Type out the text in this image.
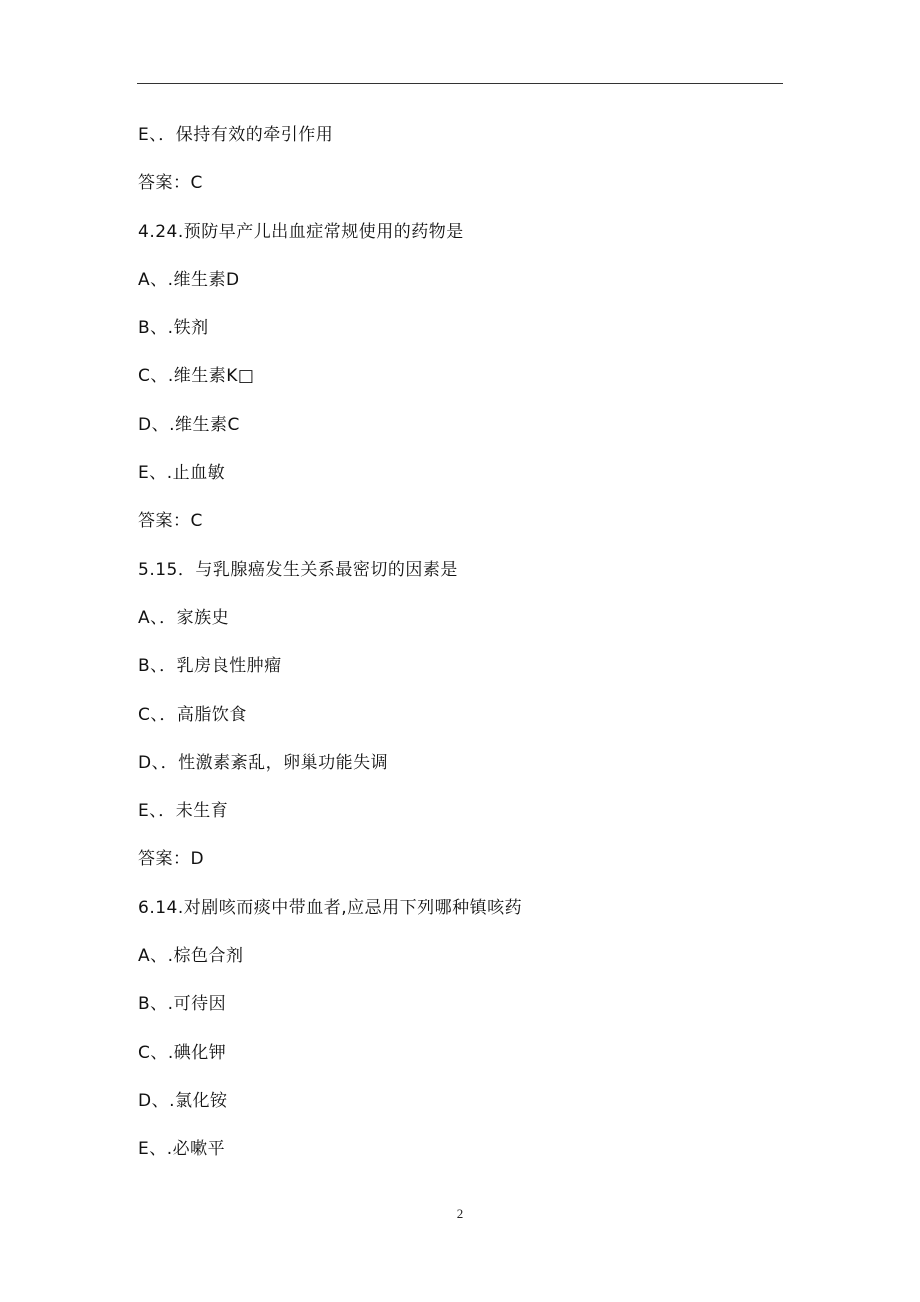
E、．保持有效的牵引作用
答案：C
4.24.预防早产儿出血症常规使用的药物是
A、.维生素D
B、.铁剂
C、.维生素K□
D、.维生素C
E、.止血敏
答案：C
5.15．与乳腺癌发生关系最密切的因素是
A、．家族史
B、．乳房良性肿瘤
C、．高脂饮食
D、．性激素紊乱，卵巢功能失调
E、．未生育
答案：D
6.14.对剧咳而痰中带血者,应忌用下列哪种镇咳药
A、.棕色合剂
B、.可待因
C、.碘化钾
D、.氯化铵
E、.必嗽平
2
